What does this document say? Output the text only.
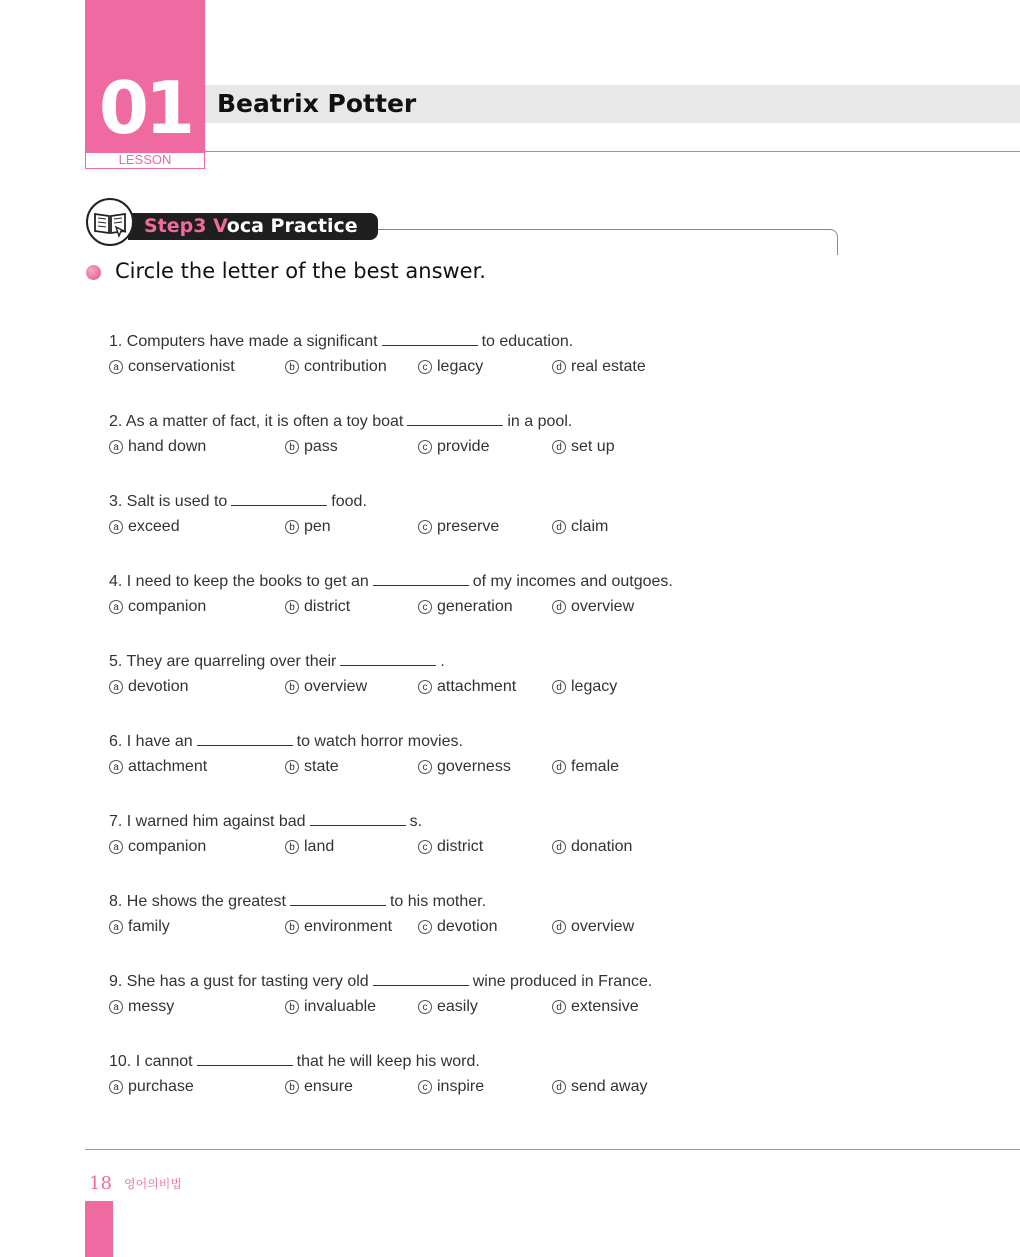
01
LESSON
Beatrix Potter
Step3 Voca Practice
Circle the letter of the best answer.
1. Computers have made a significant	to education.
a conservationist	b contribution	c legacy	d real estate
2. As a matter of fact, it is often a toy boat	in a pool.
a hand down	b pass	c provide	d set up
3. Salt is used to	food.
a exceed	b pen	c preserve	d claim
4. I need to keep the books to get an	of my incomes and outgoes.
a companion	b district	c generation	d overview
5. They are quarreling over their	.
a devotion	b overview	c attachment	d legacy
6. I have an	to watch horror movies.
a attachment	b state	c governess	d female
7. I warned him against bad	s.
a companion	b land	c district	d donation
8. He shows the greatest	to his mother.
a family	b environment	c devotion	d overview
9. She has a gust for tasting very old	wine produced in France.
a messy	b invaluable	c easily	d extensive
10. I cannot	that he will keep his word.
a purchase	b ensure	c inspire	d send away
18 영어의비법
